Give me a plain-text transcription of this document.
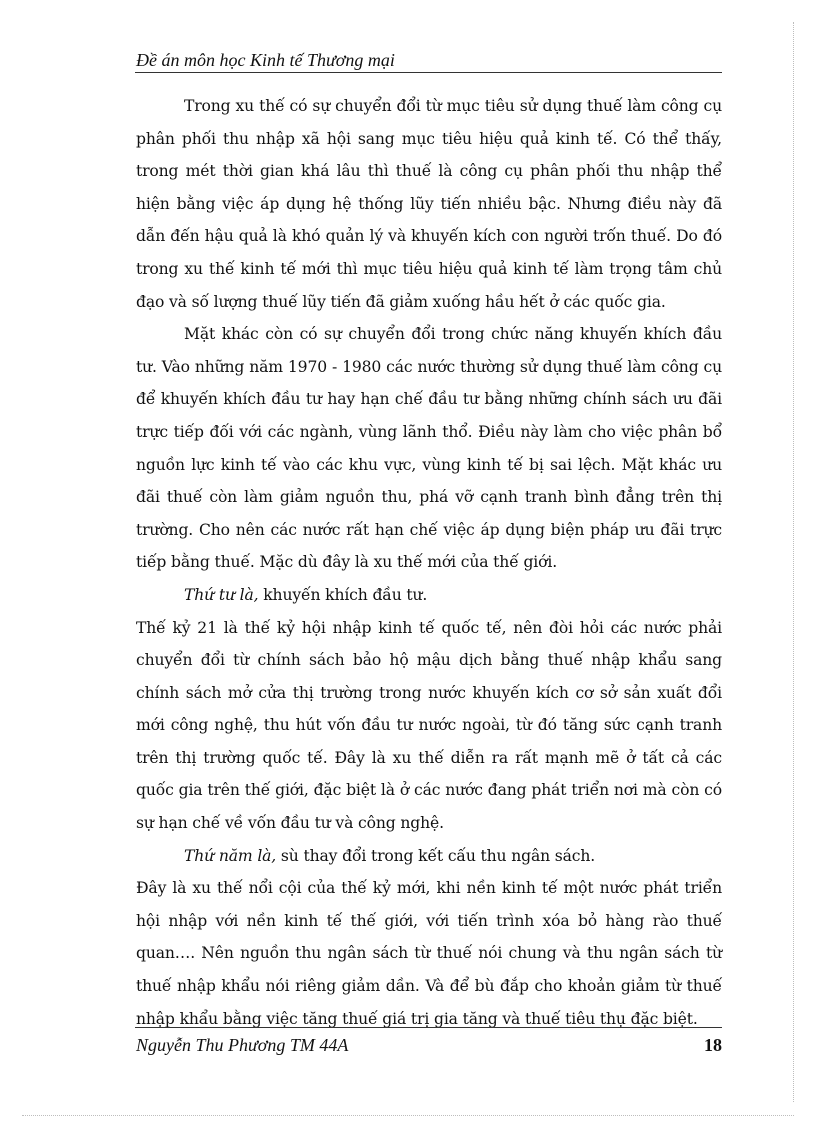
Đề án môn học Kinh tế Thương mại

Trong xu thế có sự chuyển đổi từ mục tiêu sử dụng thuế làm công cụ phân phối thu nhập xã hội sang mục tiêu hiệu quả kinh tế. Có thể thấy, trong mét thời gian khá lâu thì thuế là công cụ phân phối thu nhập thể hiện bằng việc áp dụng hệ thống lũy tiến nhiều bậc. Nhưng điều này đã dẫn đến hậu quả là khó quản lý và khuyến kích con người trốn thuế. Do đó trong xu thế kinh tế mới thì mục tiêu hiệu quả kinh tế làm trọng tâm chủ đạo và số lượng thuế lũy tiến đã giảm xuống hầu hết ở các quốc gia.

Mặt khác còn có sự chuyển đổi trong chức năng khuyến khích đầu tư. Vào những năm 1970 - 1980 các nước thường sử dụng thuế làm công cụ để khuyến khích đầu tư hay hạn chế đầu tư bằng những chính sách ưu đãi trực tiếp đối với các ngành, vùng lãnh thổ. Điều này làm cho việc phân bổ nguồn lực kinh tế vào các khu vực, vùng kinh tế bị sai lệch. Mặt khác ưu đãi thuế còn làm giảm nguồn thu, phá vỡ cạnh tranh bình đẳng trên thị trường. Cho nên các nước rất hạn chế việc áp dụng biện pháp ưu đãi trực tiếp bằng thuế. Mặc dù đây là xu thế mới của thế giới.

Thứ tư là, khuyến khích đầu tư.

Thế kỷ 21 là thế kỷ hội nhập kinh tế quốc tế, nên đòi hỏi các nước phải chuyển đổi từ chính sách bảo hộ mậu dịch bằng thuế nhập khẩu sang chính sách mở cửa thị trường trong nước khuyến kích cơ sở sản xuất đổi mới công nghệ, thu hút vốn đầu tư nước ngoài, từ đó tăng sức cạnh tranh trên thị trường quốc tế. Đây là xu thế diễn ra rất mạnh mẽ ở tất cả các quốc gia trên thế giới, đặc biệt là ở các nước đang phát triển nơi mà còn có sự hạn chế về vốn đầu tư và công nghệ.

Thứ năm là, sù thay đổi trong kết cấu thu ngân sách.

Đây là xu thế nổi cội của thế kỷ mới, khi nền kinh tế một nước phát triển hội nhập với nền kinh tế thế giới, với tiến trình xóa bỏ hàng rào thuế quan…. Nên nguồn thu ngân sách từ thuế nói chung và thu ngân sách từ thuế nhập khẩu nói riêng giảm dần. Và để bù đắp cho khoản giảm từ thuế nhập khẩu bằng việc tăng thuế giá trị gia tăng và thuế tiêu thụ đặc biệt.

Nguyễn Thu Phương TM 44A	18
